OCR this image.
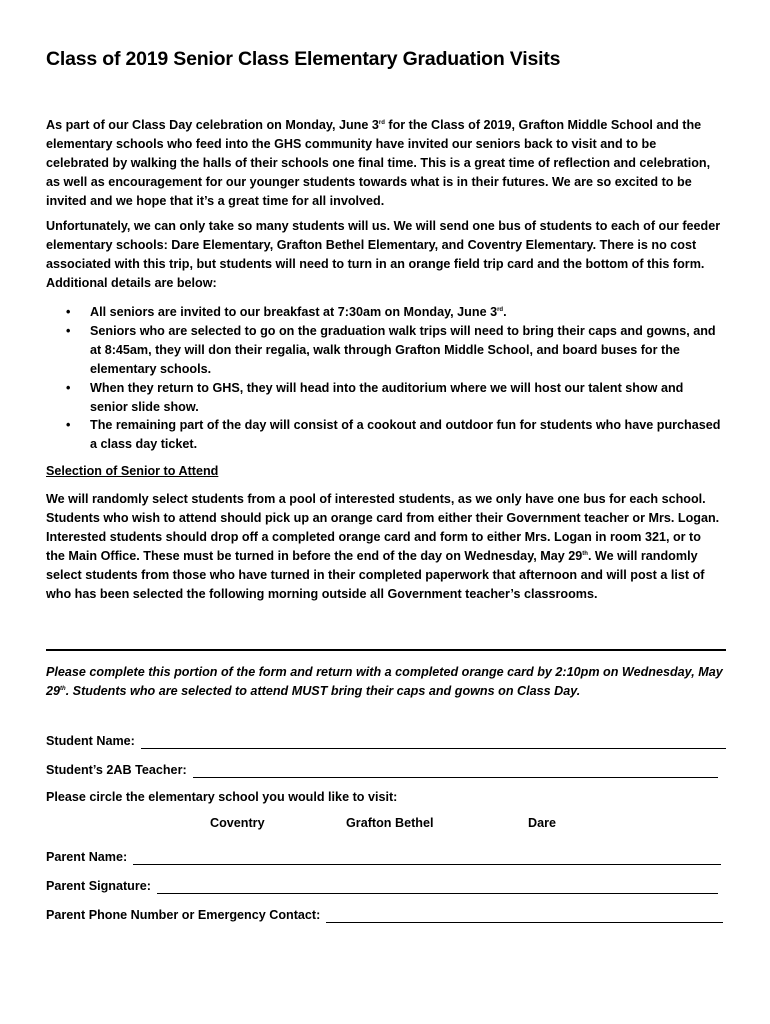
Class of 2019 Senior Class Elementary Graduation Visits

As part of our Class Day celebration on Monday, June 3rd for the Class of 2019, Grafton Middle School and the elementary schools who feed into the GHS community have invited our seniors back to visit and to be celebrated by walking the halls of their schools one final time. This is a great time of reflection and celebration, as well as encouragement for our younger students towards what is in their futures. We are so excited to be invited and we hope that it’s a great time for all involved.

Unfortunately, we can only take so many students will us. We will send one bus of students to each of our feeder elementary schools: Dare Elementary, Grafton Bethel Elementary, and Coventry Elementary. There is no cost associated with this trip, but students will need to turn in an orange field trip card and the bottom of this form. Additional details are below:

• All seniors are invited to our breakfast at 7:30am on Monday, June 3rd.
• Seniors who are selected to go on the graduation walk trips will need to bring their caps and gowns, and at 8:45am, they will don their regalia, walk through Grafton Middle School, and board buses for the elementary schools.
• When they return to GHS, they will head into the auditorium where we will host our talent show and senior slide show.
• The remaining part of the day will consist of a cookout and outdoor fun for students who have purchased a class day ticket.
Selection of Senior to Attend

We will randomly select students from a pool of interested students, as we only have one bus for each school. Students who wish to attend should pick up an orange card from either their Government teacher or Mrs. Logan. Interested students should drop off a completed orange card and form to either Mrs. Logan in room 321, or to the Main Office. These must be turned in before the end of the day on Wednesday, May 29th. We will randomly select students from those who have turned in their completed paperwork that afternoon and will post a list of who has been selected the following morning outside all Government teacher’s classrooms.

Please complete this portion of the form and return with a completed orange card by 2:10pm on Wednesday, May 29th. Students who are selected to attend MUST bring their caps and gowns on Class Day.

Student Name:
Student’s 2AB Teacher:
Please circle the elementary school you would like to visit:
Coventry	Grafton Bethel	Dare
Parent Name:
Parent Signature:
Parent Phone Number or Emergency Contact:
